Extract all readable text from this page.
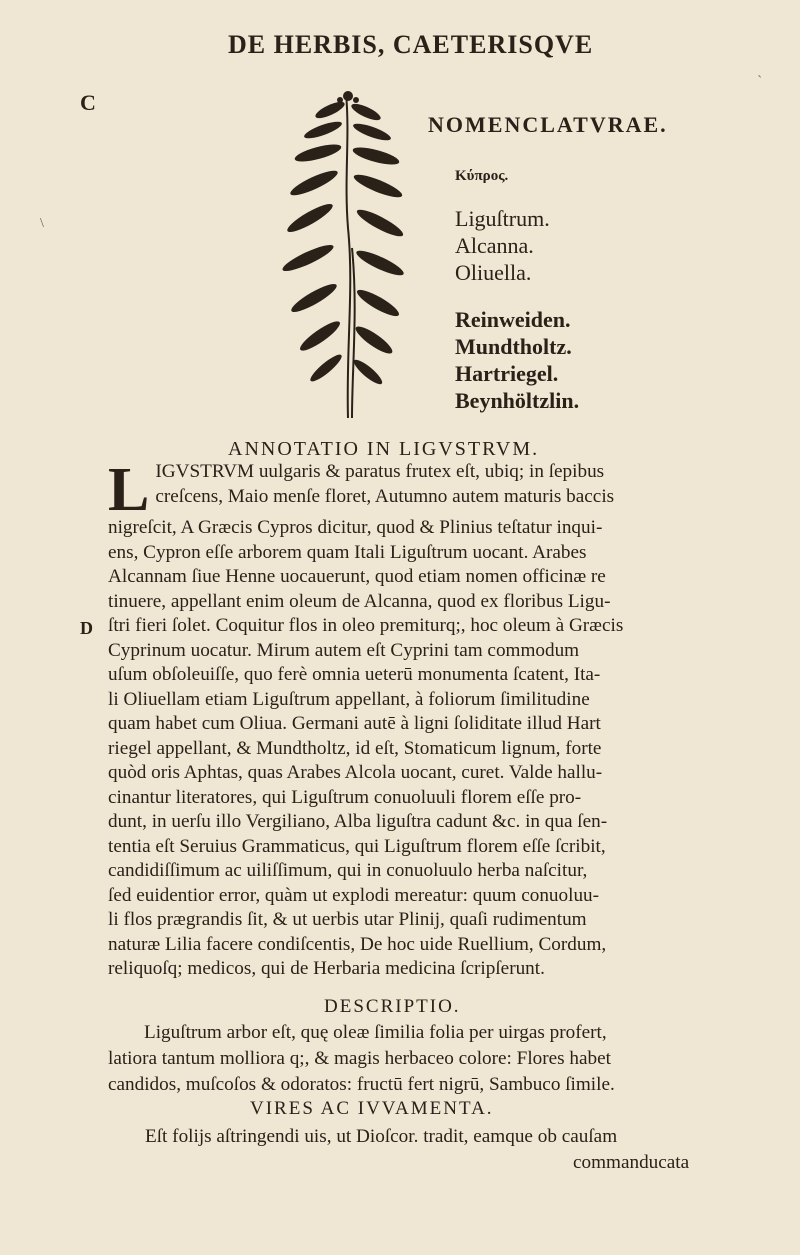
DE HERBIS, CAETERISQVE
`
\
C
D
NOMENCLATVRAE.
Κύπρος.
Liguſtrum.
Alcanna.
Oliuella.
Reinweiden.
Mundtholtz.
Hartriegel.
Beynhöltzlin.
ANNOTATIO IN LIGVSTRVM.
L IGVSTRVM uulgaris & paratus frutex eſt, ubiq; in ſepibus
creſcens, Maio menſe floret, Autumno autem maturis baccis
nigreſcit, A Græcis Cypros dicitur, quod & Plinius teſtatur inqui-
ens, Cypron eſſe arborem quam Itali Liguſtrum uocant. Arabes
Alcannam ſiue Henne uocauerunt, quod etiam nomen officinæ re
tinuere, appellant enim oleum de Alcanna, quod ex floribus Ligu-
ſtri fieri ſolet. Coquitur flos in oleo premiturq;, hoc oleum à Græcis
Cyprinum uocatur. Mirum autem eſt Cyprini tam commodum
uſum obſoleuiſſe, quo ferè omnia ueterū monumenta ſcatent, Ita-
li Oliuellam etiam Liguſtrum appellant, à foliorum ſimilitudine
quam habet cum Oliua. Germani autē à ligni ſoliditate illud Hart
riegel appellant, & Mundtholtz, id eſt, Stomaticum lignum, forte
quòd oris Aphtas, quas Arabes Alcola uocant, curet. Valde hallu-
cinantur literatores, qui Liguſtrum conuoluuli florem eſſe pro-
dunt, in uerſu illo Vergiliano, Alba liguſtra cadunt &c. in qua ſen-
tentia eſt Seruius Grammaticus, qui Liguſtrum florem eſſe ſcribit,
candidiſſimum ac uiliſſimum, qui in conuoluulo herba naſcitur,
ſed euidentior error, quàm ut explodi mereatur: quum conuoluu-
li flos prægrandis ſit, & ut uerbis utar Plinij, quaſi rudimentum
naturæ Lilia facere condiſcentis, De hoc uide Ruellium, Cordum,
reliquoſq; medicos, qui de Herbaria medicina ſcripſerunt.
DESCRIPTIO.
Liguſtrum arbor eſt, quę oleæ ſimilia folia per uirgas profert,
latiora tantum molliora q;, & magis herbaceo colore: Flores habet
candidos, muſcoſos & odoratos: fructū fert nigrū, Sambuco ſimile.
VIRES AC IVVAMENTA.
Eſt folijs aſtringendi uis, ut Dioſcor. tradit, eamque ob cauſam
commanducata
